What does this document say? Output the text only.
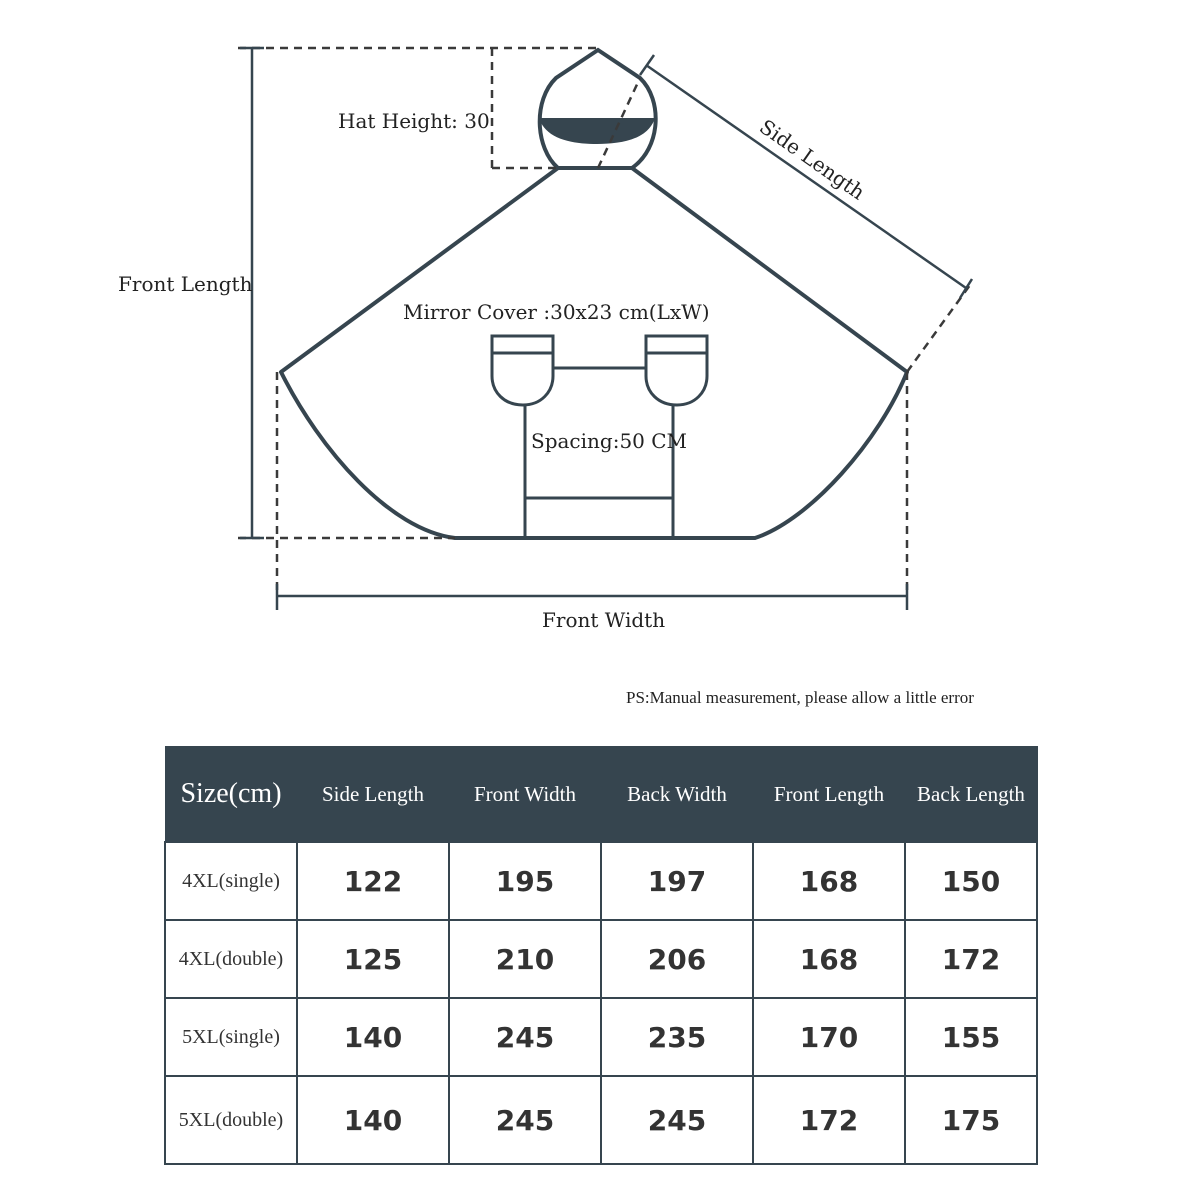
Hat Height: 30	Side Length
Front Length
Mirror Cover :30x23 cm(LxW)
Spacing:50 CM
Front Width
PS:Manual measurement, please allow a little error
Size(cm)	Side Length	Front Width	Back Width	Front Length	Back Length
4XL(single)	122	195	197	168	150
4XL(double)	125	210	206	168	172
5XL(single)	140	245	235	170	155
5XL(double)	140	245	245	172	175
